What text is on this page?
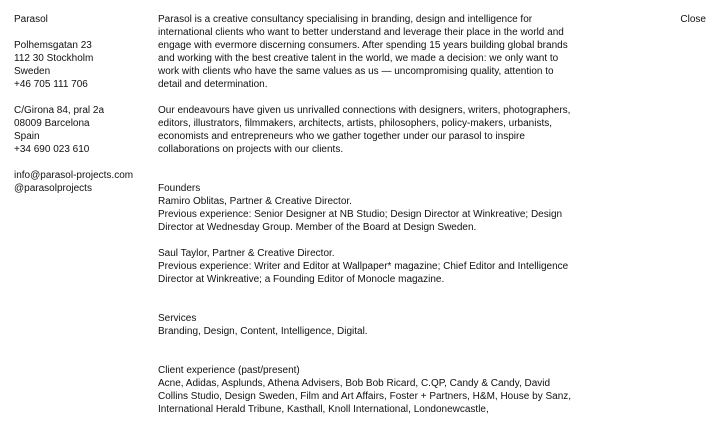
Parasol

Polhemsgatan 23

112 30 Stockholm

Sweden

+46 705 111 706

C/Girona 84, pral 2a

08009 Barcelona

Spain

+34 690 023 610

info@parasol-projects.com

@parasolprojects

Parasol is a creative consultancy specialising in branding, design and intelligence for international clients who want to better understand and leverage their place in the world and engage with evermore discerning consumers. After spending 15 years building global brands and working with the best creative talent in the world, we made a decision: we only want to work with clients who have the same values as us — uncompromising quality, attention to detail and determination.

Our endeavours have given us unrivalled connections with designers, writers, photographers, editors, illustrators, filmmakers, architects, artists, philosophers, policy-makers, urbanists, economists and entrepreneurs who we gather together under our parasol to inspire collaborations on projects with our clients.

Founders
Ramiro Oblitas, Partner & Creative Director.

Previous experience: Senior Designer at NB Studio; Design Director at Winkreative; Design Director at Wednesday Group. Member of the Board at Design Sweden.

Saul Taylor, Partner & Creative Director.

Previous experience: Writer and Editor at Wallpaper* magazine; Chief Editor and Intelligence Director at Winkreative; a Founding Editor of Monocle magazine.

Services

Branding, Design, Content, Intelligence, Digital.

Client experience (past/present)

Acne, Adidas, Asplunds, Athena Advisers, Bob Bob Ricard, C.QP, Candy & Candy, David Collins Studio, Design Sweden, Film and Art Affairs, Foster + Partners, H&M, House by Sanz, International Herald Tribune, Kasthall, Knoll International, Londonewcastle,

Close
